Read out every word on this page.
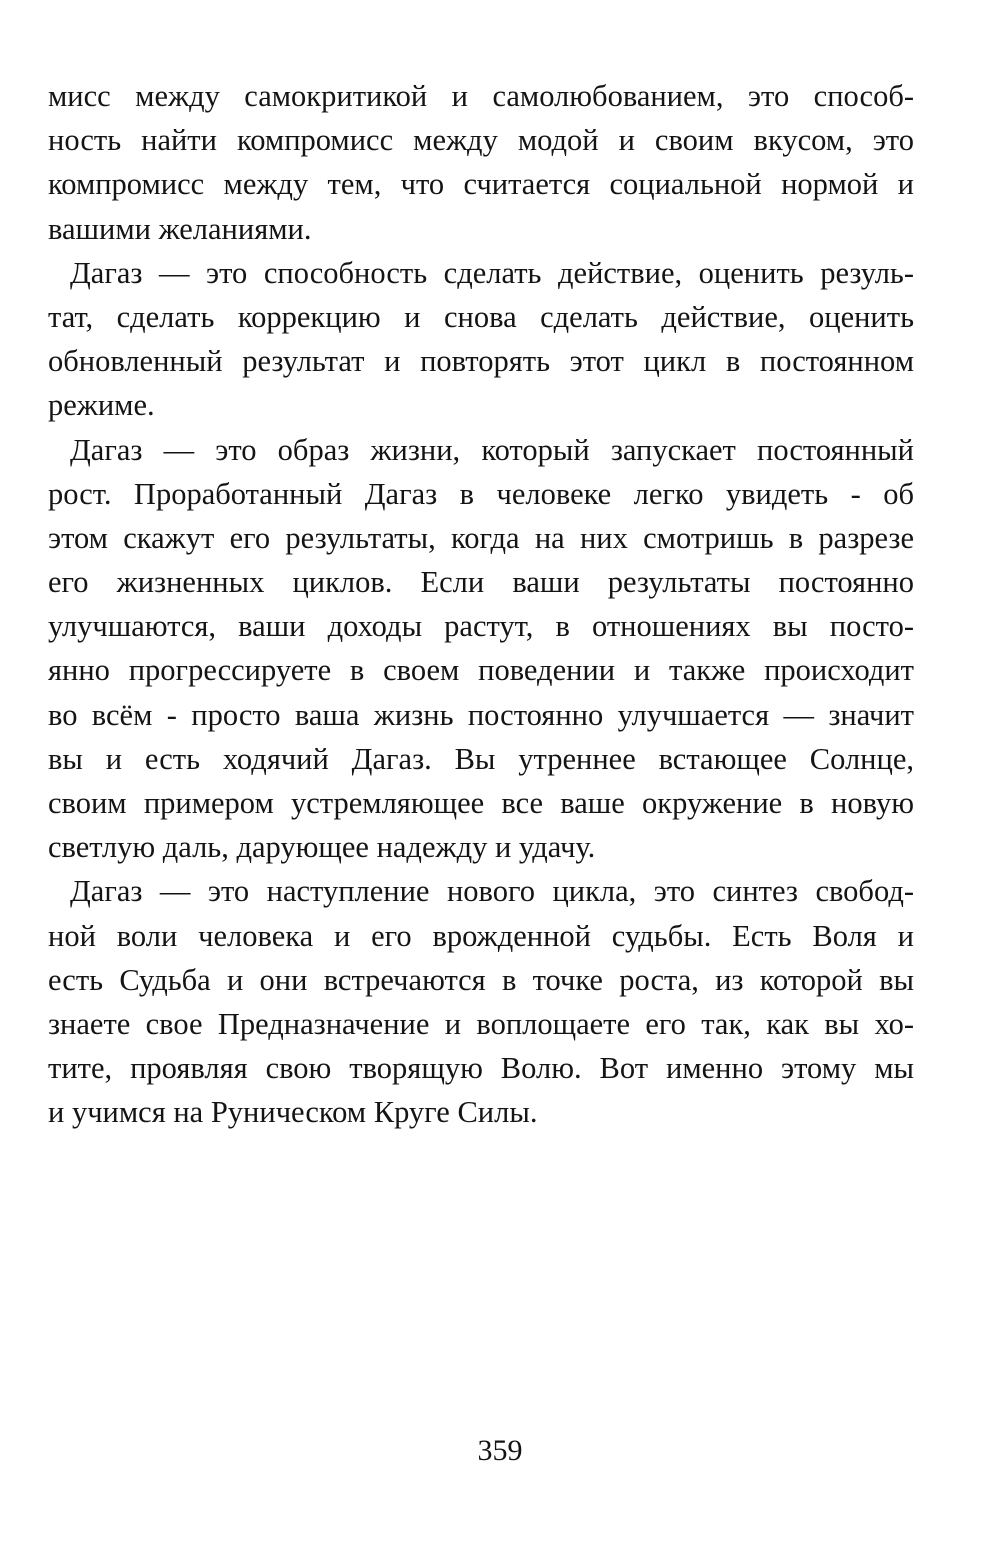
мисс между самокритикой и самолюбованием, это способ-
ность найти компромисс между модой и своим вкусом, это
компромисс между тем, что считается социальной нормой и
вашими желаниями.
Дагаз — это способность сделать действие, оценить резуль-
тат, сделать коррекцию и снова сделать действие, оценить
обновленный результат и повторять этот цикл в постоянном
режиме.
Дагаз — это образ жизни, который запускает постоянный
рост. Проработанный Дагаз в человеке легко увидеть - об
этом скажут его результаты, когда на них смотришь в разрезе
его жизненных циклов. Если ваши результаты постоянно
улучшаются, ваши доходы растут, в отношениях вы посто-
янно прогрессируете в своем поведении и также происходит
во всём - просто ваша жизнь постоянно улучшается — значит
вы и есть ходячий Дагаз. Вы утреннее встающее Солнце,
своим примером устремляющее все ваше окружение в новую
светлую даль, дарующее надежду и удачу.
Дагаз — это наступление нового цикла, это синтез свобод-
ной воли человека и его врожденной судьбы. Есть Воля и
есть Судьба и они встречаются в точке роста, из которой вы
знаете свое Предназначение и воплощаете его так, как вы хо-
тите, проявляя свою творящую Волю. Вот именно этому мы
и учимся на Руническом Круге Силы.
359
